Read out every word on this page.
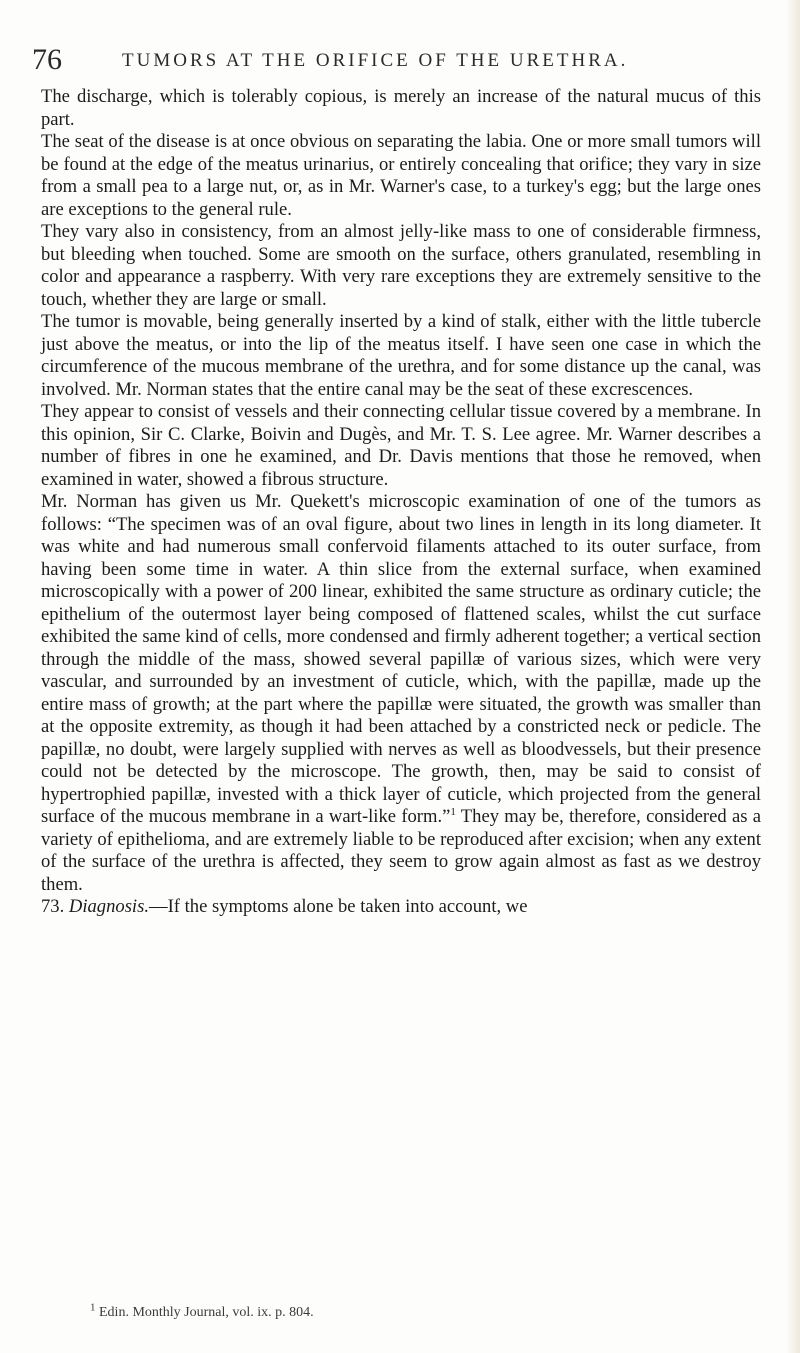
76	TUMORS AT THE ORIFICE OF THE URETHRA.

The discharge, which is tolerably copious, is merely an increase of the natural mucus of this part.

The seat of the disease is at once obvious on separating the labia. One or more small tumors will be found at the edge of the meatus urinarius, or entirely concealing that orifice; they vary in size from a small pea to a large nut, or, as in Mr. Warner's case, to a turkey's egg; but the large ones are exceptions to the general rule.

They vary also in consistency, from an almost jelly-like mass to one of considerable firmness, but bleeding when touched. Some are smooth on the surface, others granulated, resembling in color and appearance a raspberry. With very rare exceptions they are extremely sensitive to the touch, whether they are large or small.

The tumor is movable, being generally inserted by a kind of stalk, either with the little tubercle just above the meatus, or into the lip of the meatus itself. I have seen one case in which the circumference of the mucous membrane of the urethra, and for some distance up the canal, was involved. Mr. Norman states that the entire canal may be the seat of these excrescences.

They appear to consist of vessels and their connecting cellular tissue covered by a membrane. In this opinion, Sir C. Clarke, Boivin and Dugès, and Mr. T. S. Lee agree. Mr. Warner describes a number of fibres in one he examined, and Dr. Davis mentions that those he removed, when examined in water, showed a fibrous structure.

Mr. Norman has given us Mr. Quekett's microscopic examination of one of the tumors as follows: “The specimen was of an oval figure, about two lines in length in its long diameter. It was white and had numerous small confervoid filaments attached to its outer surface, from having been some time in water. A thin slice from the external surface, when examined microscopically with a power of 200 linear, exhibited the same structure as ordinary cuticle; the epithelium of the outermost layer being composed of flattened scales, whilst the cut surface exhibited the same kind of cells, more condensed and firmly adherent together; a vertical section through the middle of the mass, showed several papillæ of various sizes, which were very vascular, and surrounded by an investment of cuticle, which, with the papillæ, made up the entire mass of growth; at the part where the papillæ were situated, the growth was smaller than at the opposite extremity, as though it had been attached by a constricted neck or pedicle. The papillæ, no doubt, were largely supplied with nerves as well as bloodvessels, but their presence could not be detected by the microscope. The growth, then, may be said to consist of hypertrophied papillæ, invested with a thick layer of cuticle, which projected from the general surface of the mucous membrane in a wart-like form.”$^1$ They may be, therefore, considered as a variety of epithelioma, and are extremely liable to be reproduced after excision; when any extent of the surface of the urethra is affected, they seem to grow again almost as fast as we destroy them.

73. Diagnosis.—If the symptoms alone be taken into account, we

$^1$ Edin. Monthly Journal, vol. ix. p. 804.
